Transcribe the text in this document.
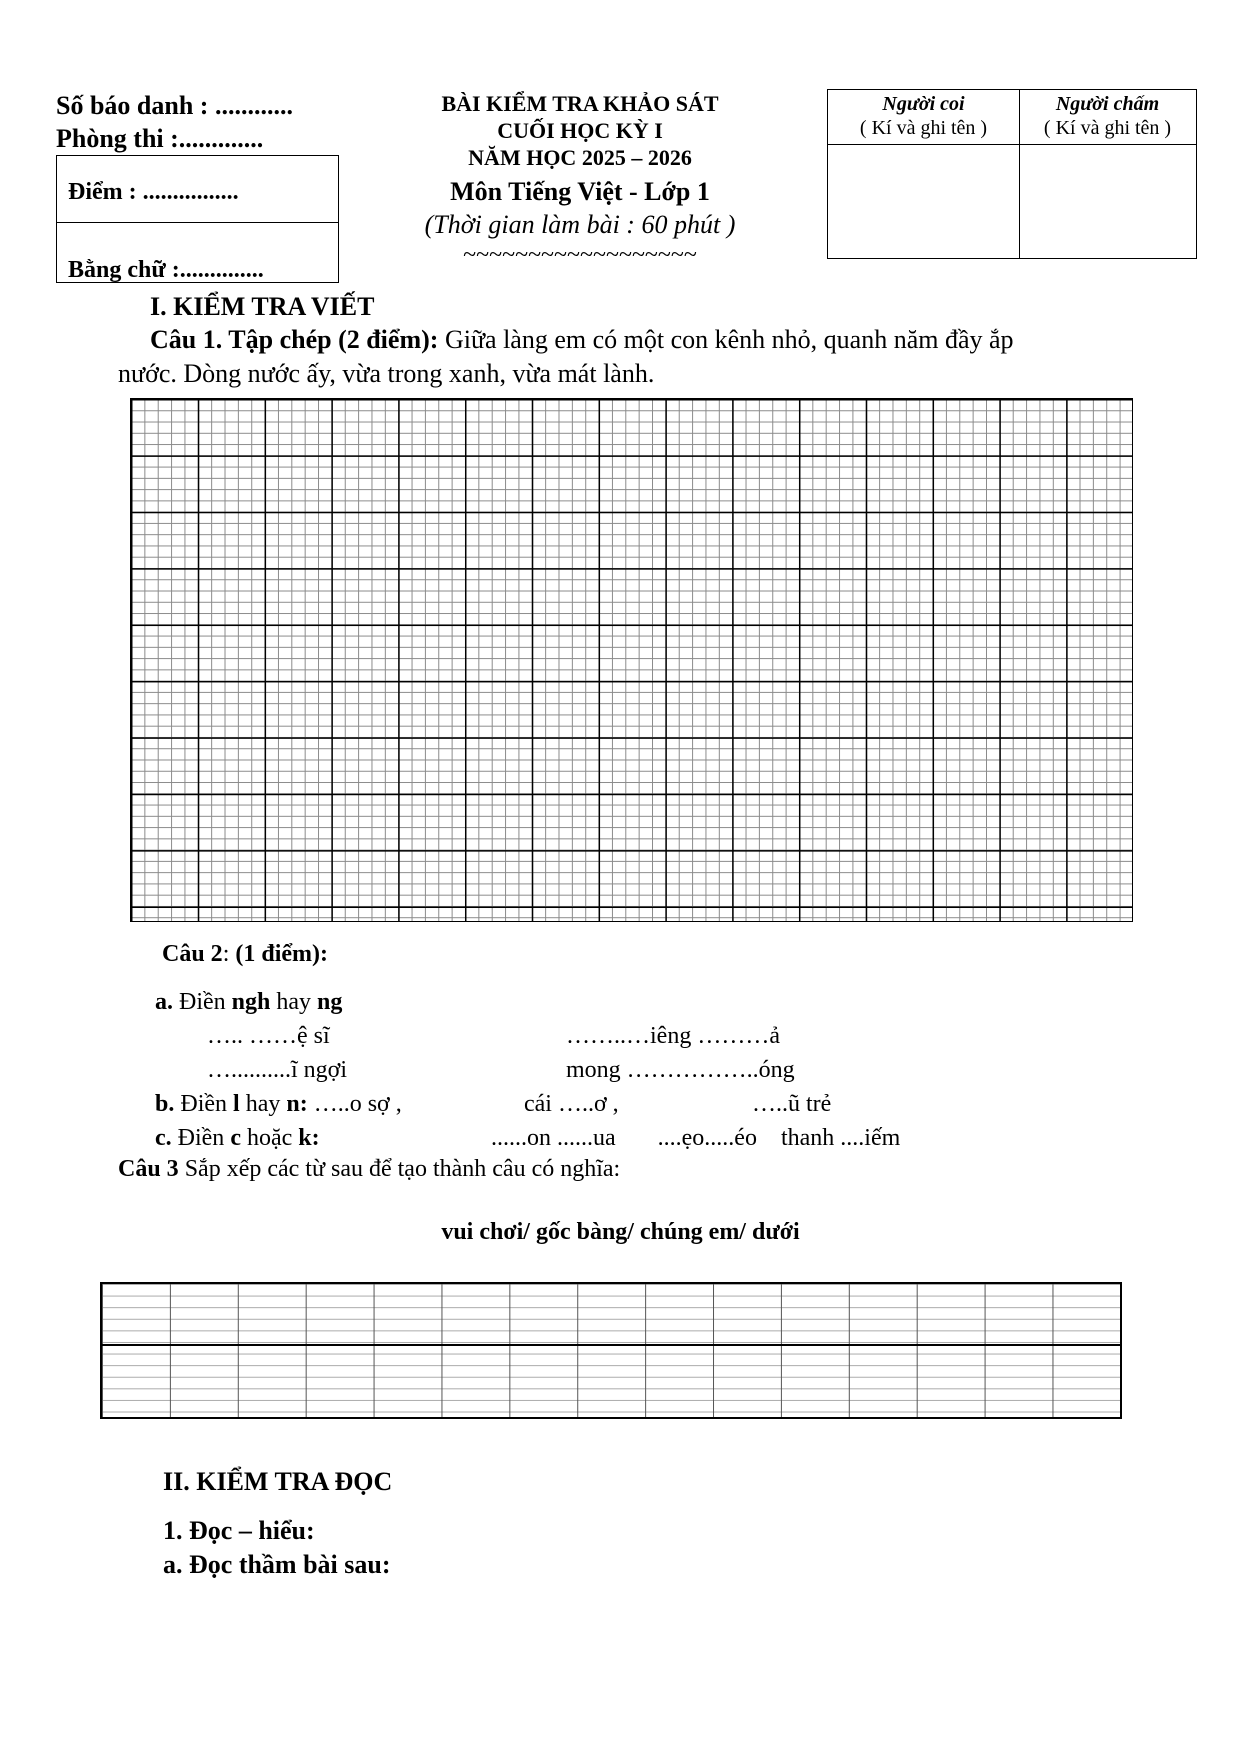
Số báo danh : ............
Phòng thi :.............
Điểm : ................
Bằng chữ :..............
BÀI KIỂM TRA KHẢO SÁT
CUỐI HỌC KỲ I
NĂM HỌC 2025 – 2026
Môn Tiếng Việt - Lớp 1
(Thời gian làm bài : 60 phút )
~~~~~~~~~~~~~~~~~~
Người coi
( Kí và ghi tên )
Người chấm
( Kí và ghi tên )
I. KIỂM TRA VIẾT
Câu 1. Tập chép (2 điểm): Giữa làng em có một con kênh nhỏ, quanh năm đầy ắp
nước. Dòng nước ấy, vừa trong xanh, vừa mát lành.
Câu 2: (1 điểm):
a. Điền ngh hay ng
….. ……ệ sĩ	……..…iêng ………ả
…..........ĩ ngợi	mong ……………..óng
b. Điền l hay n: …..o sợ ,	cái …..ơ ,	…..ũ trẻ
c. Điền c hoặc k:	......on ......ua       ....ẹo.....éo    thanh ....iếm
Câu 3 Sắp xếp các từ sau để tạo thành câu có nghĩa:
vui chơi/ gốc bàng/ chúng em/ dưới
II. KIỂM TRA ĐỌC
1. Đọc – hiểu:
a. Đọc thầm bài sau:
